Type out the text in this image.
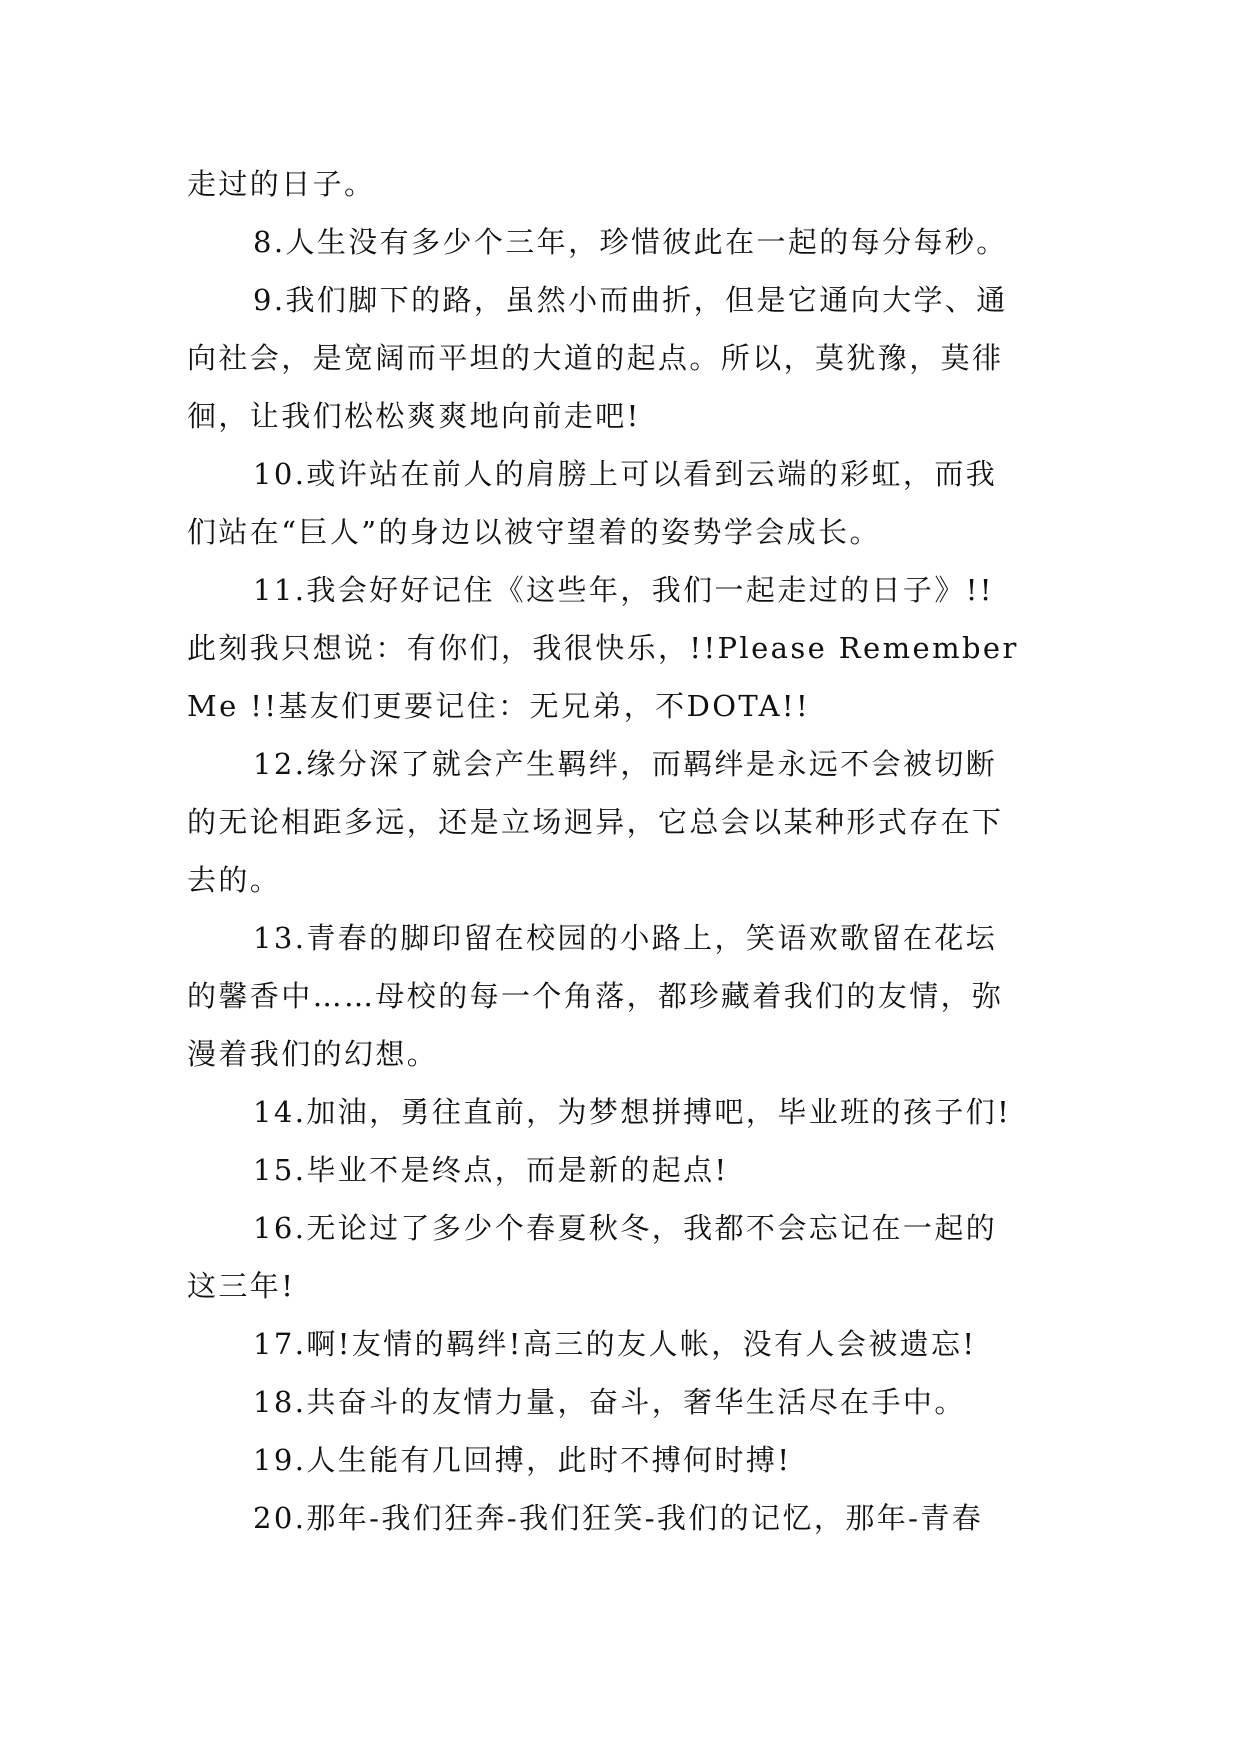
走过的日子。
8.人生没有多少个三年，珍惜彼此在一起的每分每秒。
9.我们脚下的路，虽然小而曲折，但是它通向大学、通
向社会，是宽阔而平坦的大道的起点。所以，莫犹豫，莫徘
徊，让我们松松爽爽地向前走吧!
10.或许站在前人的肩膀上可以看到云端的彩虹，而我
们站在“巨人”的身边以被守望着的姿势学会成长。
11.我会好好记住《这些年，我们一起走过的日子》!!
此刻我只想说：有你们，我很快乐，!!Please Remember
Me !!基友们更要记住：无兄弟，不DOTA!!
12.缘分深了就会产生羁绊，而羁绊是永远不会被切断
的无论相距多远，还是立场迥异，它总会以某种形式存在下
去的。
13.青春的脚印留在校园的小路上，笑语欢歌留在花坛
的馨香中……母校的每一个角落，都珍藏着我们的友情，弥
漫着我们的幻想。
14.加油，勇往直前，为梦想拼搏吧，毕业班的孩子们!
15.毕业不是终点，而是新的起点!
16.无论过了多少个春夏秋冬，我都不会忘记在一起的
这三年!
17.啊!友情的羁绊!高三的友人帐，没有人会被遗忘!
18.共奋斗的友情力量，奋斗，奢华生活尽在手中。
19.人生能有几回搏，此时不搏何时搏!
20.那年-我们狂奔-我们狂笑-我们的记忆，那年-青春
